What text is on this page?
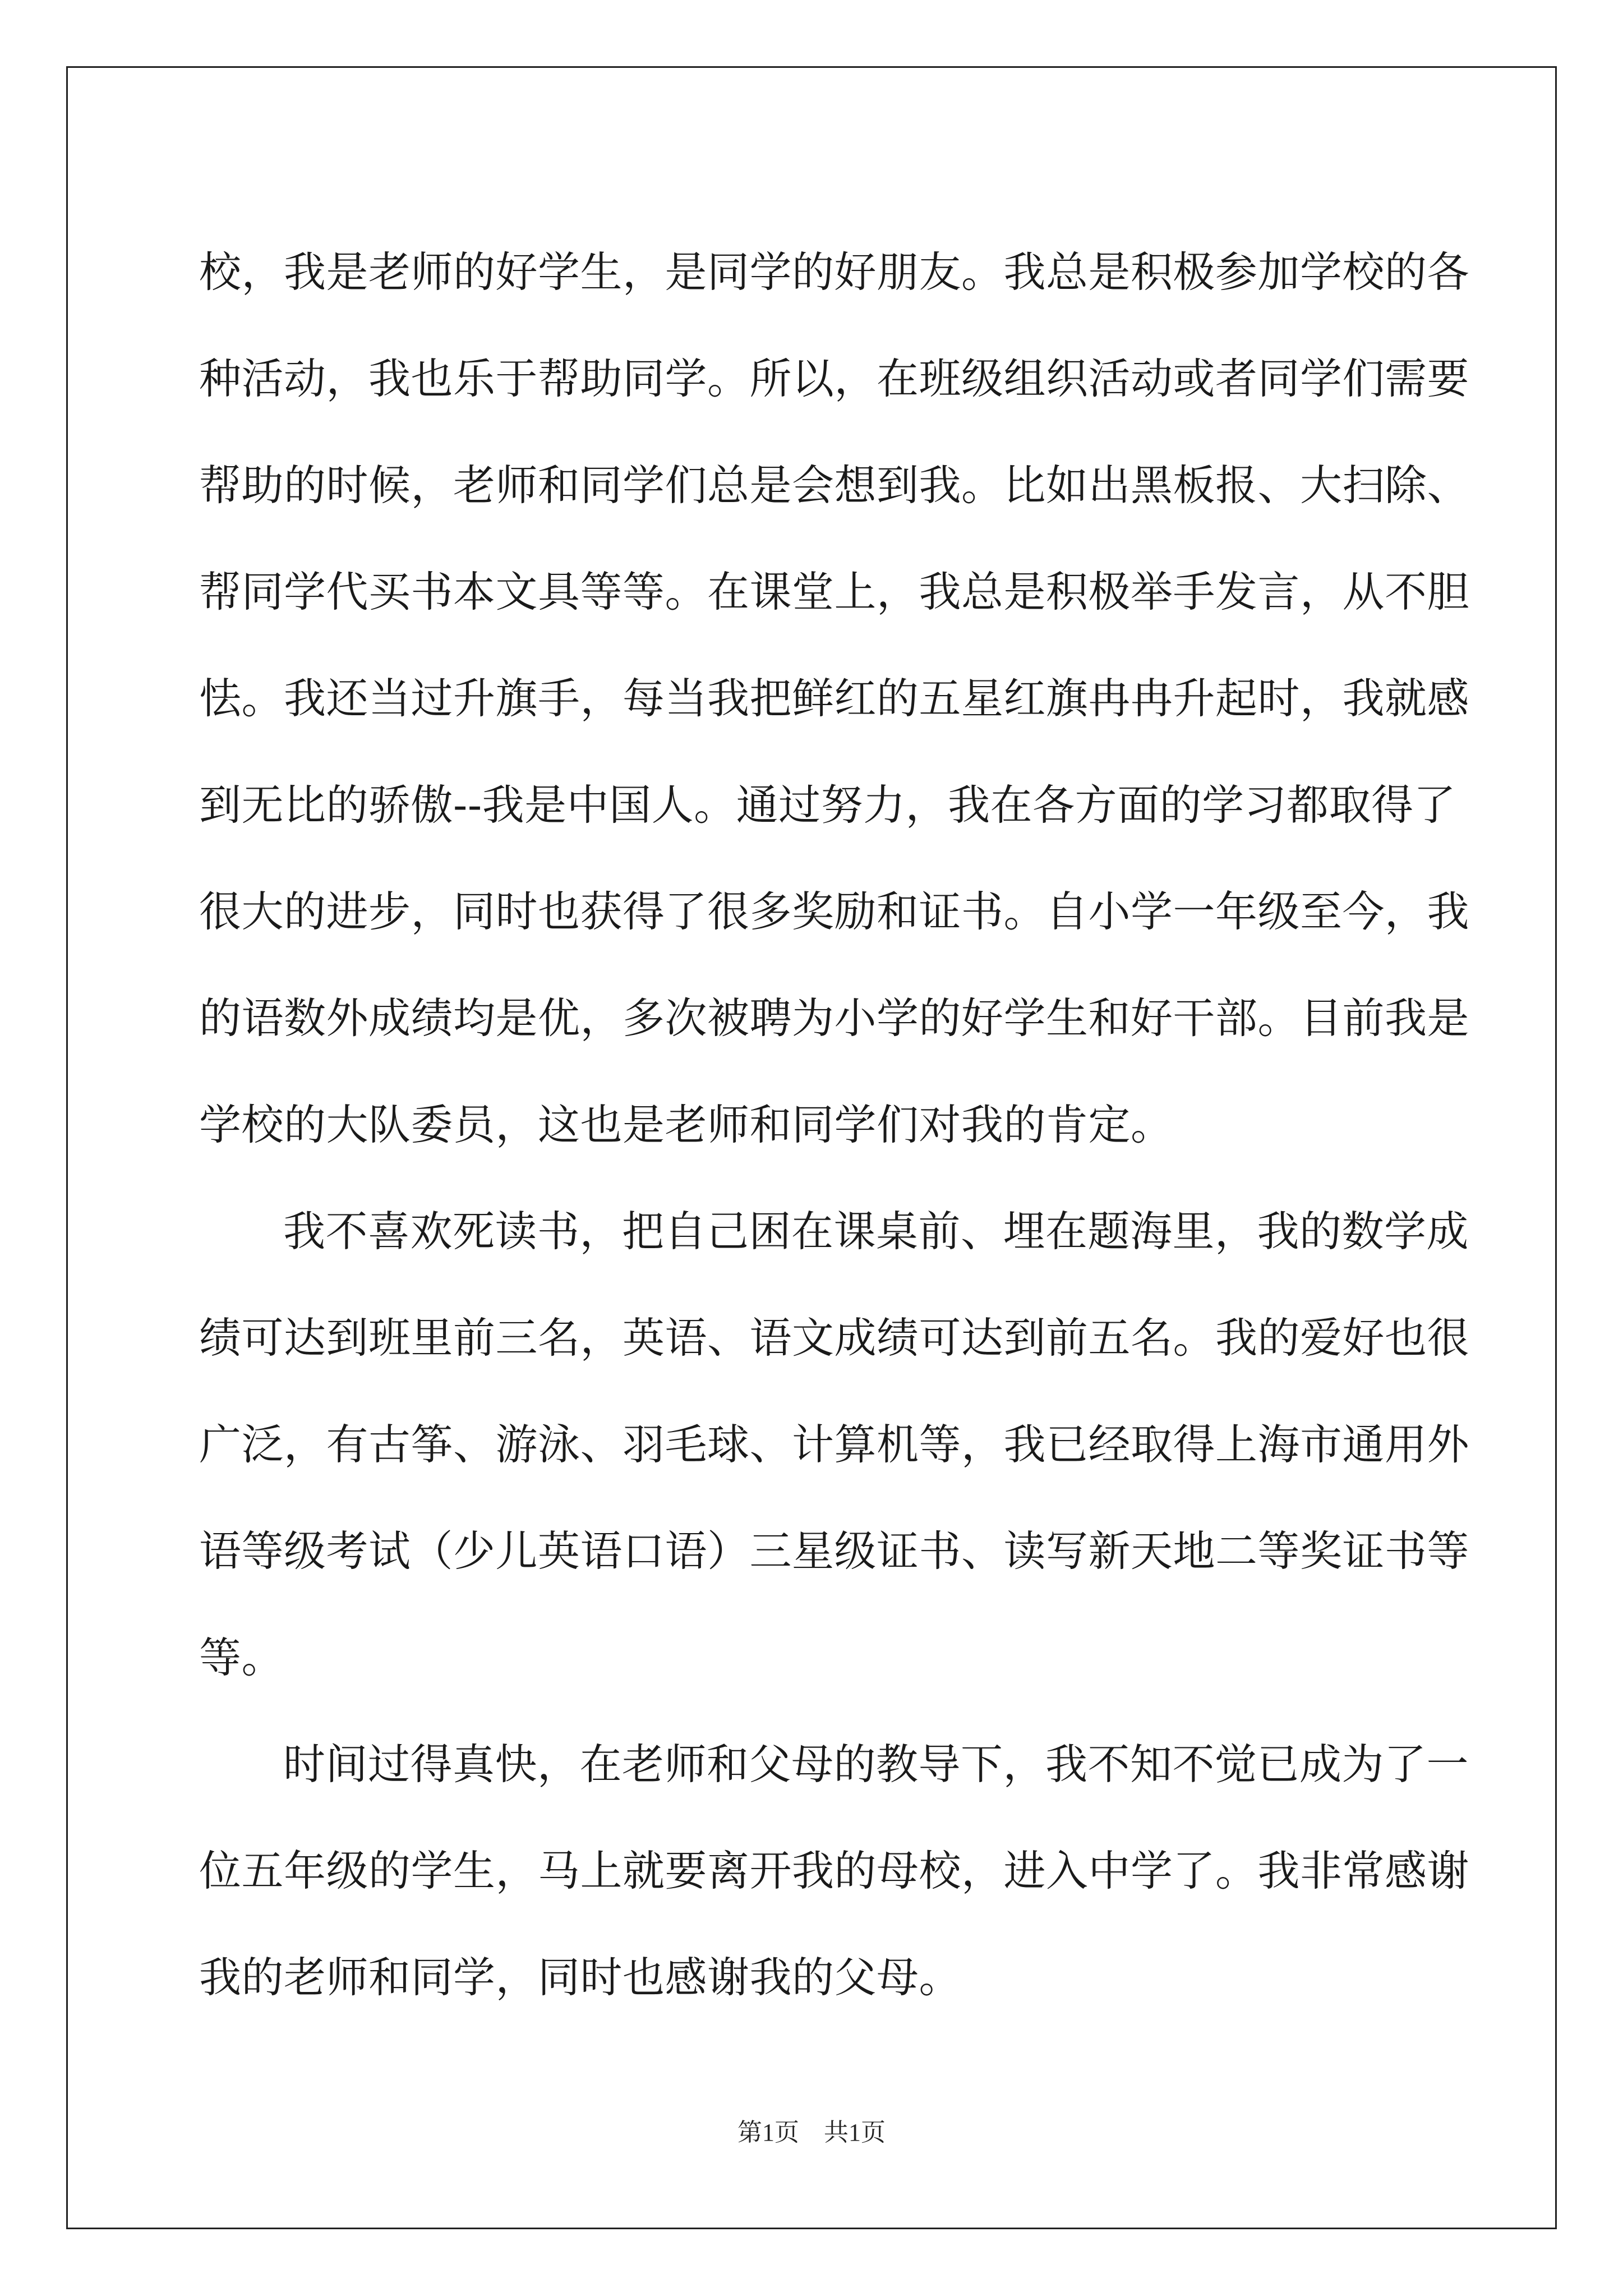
校，我是老师的好学生，是同学的好朋友。我总是积极参加学校的各
种活动，我也乐于帮助同学。所以，在班级组织活动或者同学们需要
帮助的时候，老师和同学们总是会想到我。比如出黑板报、大扫除、
帮同学代买书本文具等等。在课堂上，我总是积极举手发言，从不胆
怯。我还当过升旗手，每当我把鲜红的五星红旗冉冉升起时，我就感
到无比的骄傲--我是中国人。通过努力，我在各方面的学习都取得了
很大的进步，同时也获得了很多奖励和证书。自小学一年级至今，我
的语数外成绩均是优，多次被聘为小学的好学生和好干部。目前我是
学校的大队委员，这也是老师和同学们对我的肯定。
我不喜欢死读书，把自己困在课桌前、埋在题海里，我的数学成
绩可达到班里前三名，英语、语文成绩可达到前五名。我的爱好也很
广泛，有古筝、游泳、羽毛球、计算机等，我已经取得上海市通用外
语等级考试（少儿英语口语）三星级证书、读写新天地二等奖证书等
等。
时间过得真快，在老师和父母的教导下，我不知不觉已成为了一
位五年级的学生，马上就要离开我的母校，进入中学了。我非常感谢
我的老师和同学，同时也感谢我的父母。
第1页　共1页
